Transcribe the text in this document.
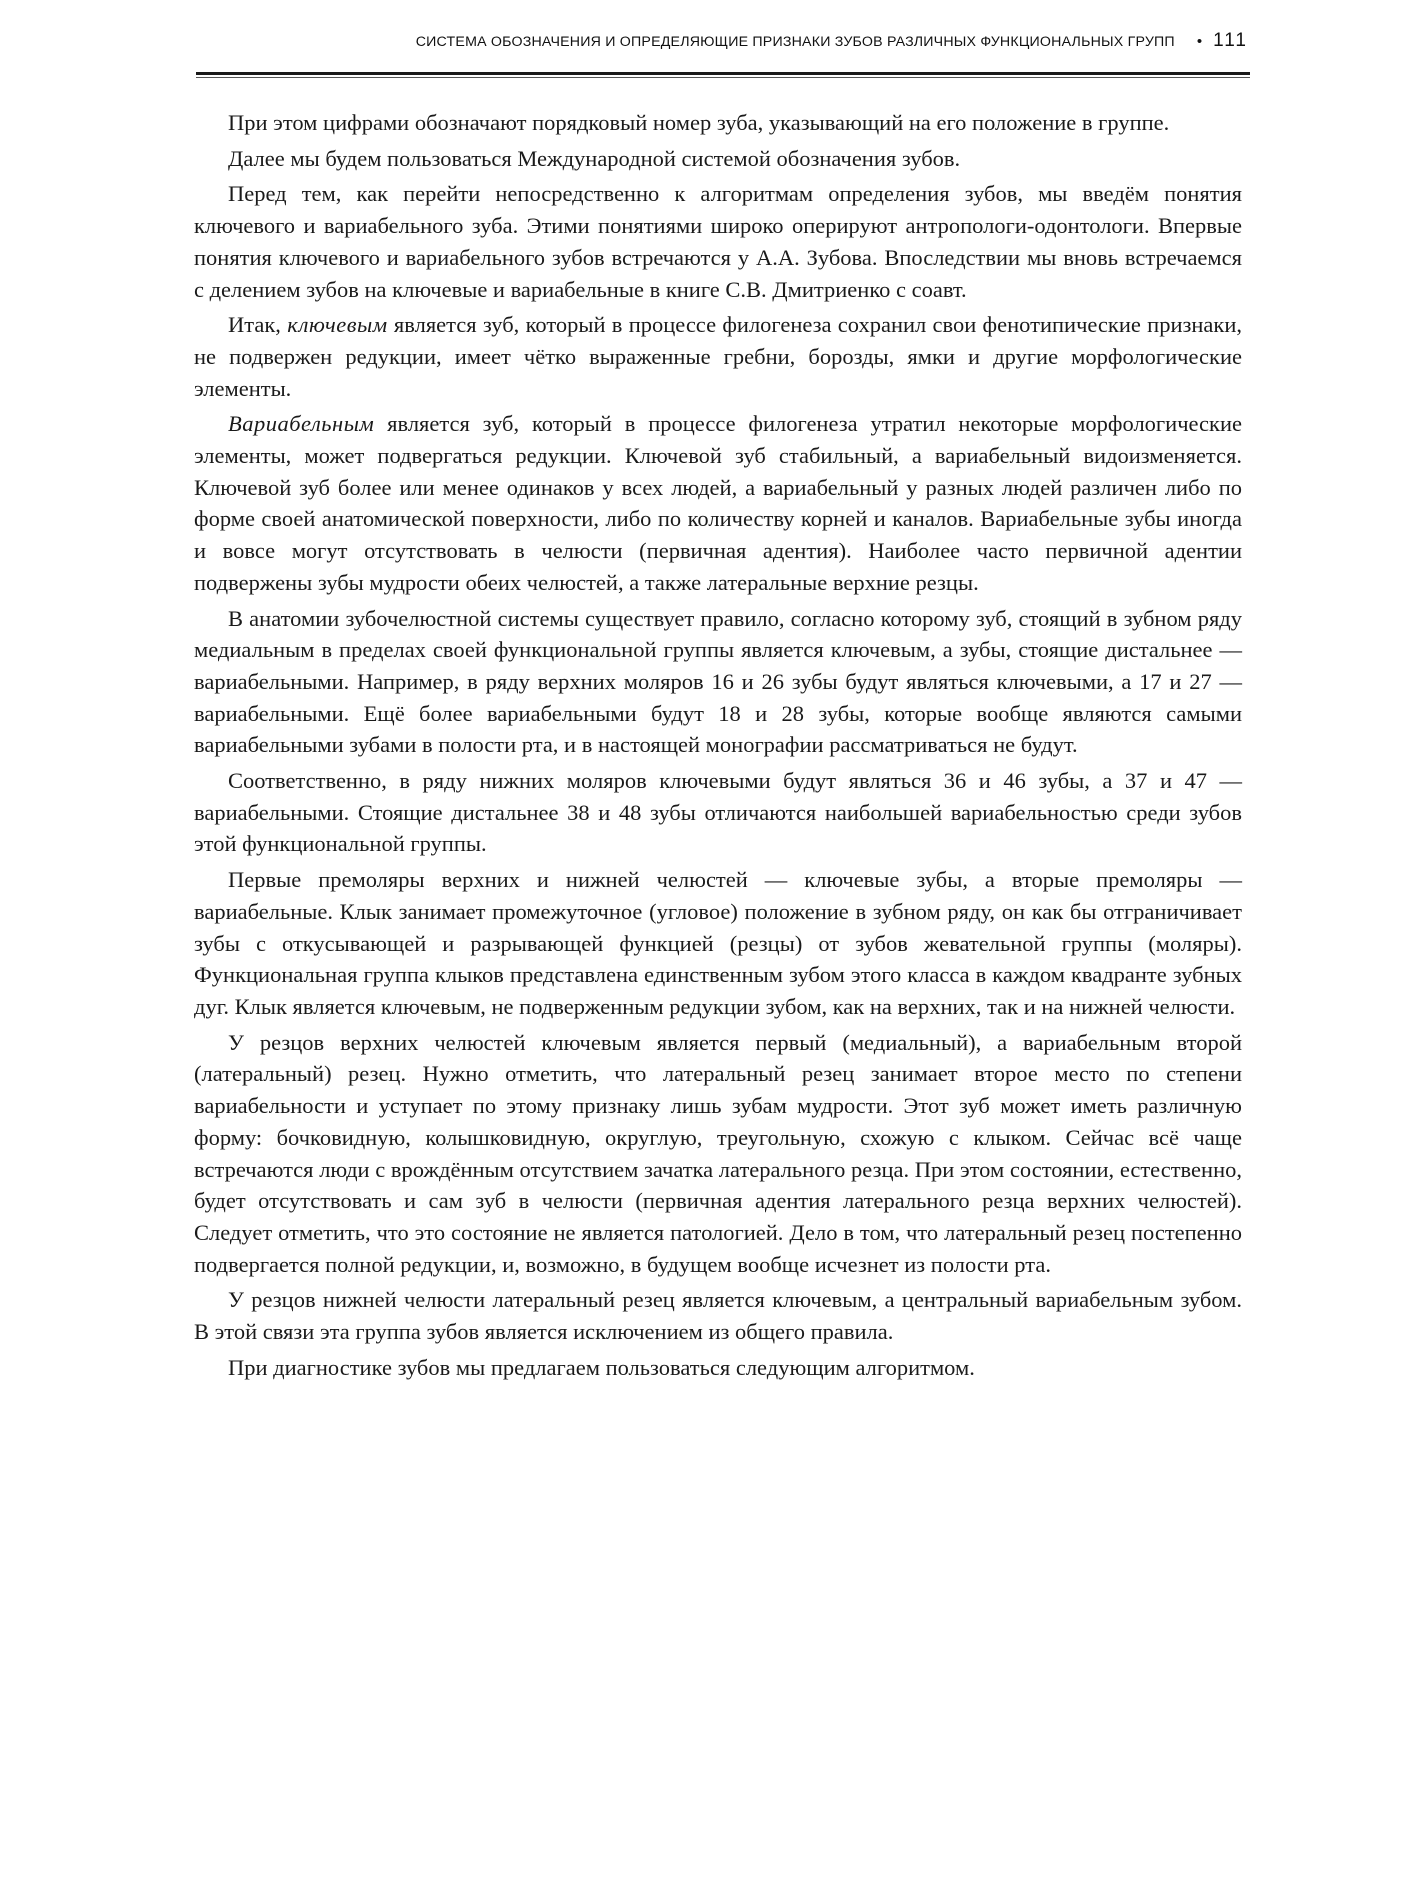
СИСТЕМА ОБОЗНАЧЕНИЯ И ОПРЕДЕЛЯЮЩИЕ ПРИЗНАКИ ЗУБОВ РАЗЛИЧНЫХ ФУНКЦИОНАЛЬНЫХ ГРУПП • 111

При этом цифрами обозначают порядковый номер зуба, указывающий на его положение в группе.

Далее мы будем пользоваться Международной системой обозначения зубов.

Перед тем, как перейти непосредственно к алгоритмам определения зубов, мы введём понятия ключевого и вариабельного зуба. Этими понятиями широко оперируют антропологи-одонтологи. Впервые понятия ключевого и вариабельного зубов встречаются у А.А. Зубова. Впоследствии мы вновь встречаемся с делением зубов на ключевые и вариабельные в книге С.В. Дмитриенко с соавт.

Итак, ключевым является зуб, который в процессе филогенеза сохранил свои фенотипические признаки, не подвержен редукции, имеет чётко выраженные гребни, борозды, ямки и другие морфологические элементы.

Вариабельным является зуб, который в процессе филогенеза утратил некоторые морфологические элементы, может подвергаться редукции. Ключевой зуб стабильный, а вариабельный видоизменяется. Ключевой зуб более или менее одинаков у всех людей, а вариабельный у разных людей различен либо по форме своей анатомической поверхности, либо по количеству корней и каналов. Вариабельные зубы иногда и вовсе могут отсутствовать в челюсти (первичная адентия). Наиболее часто первичной адентии подвержены зубы мудрости обеих челюстей, а также латеральные верхние резцы.

В анатомии зубочелюстной системы существует правило, согласно которому зуб, стоящий в зубном ряду медиальным в пределах своей функциональной группы является ключевым, а зубы, стоящие дистальнее — вариабельными. Например, в ряду верхних моляров 16 и 26 зубы будут являться ключевыми, а 17 и 27 — вариабельными. Ещё более вариабельными будут 18 и 28 зубы, которые вообще являются самыми вариабельными зубами в полости рта, и в настоящей монографии рассматриваться не будут.

Соответственно, в ряду нижних моляров ключевыми будут являться 36 и 46 зубы, а 37 и 47 — вариабельными. Стоящие дистальнее 38 и 48 зубы отличаются наибольшей вариабельностью среди зубов этой функциональной группы.

Первые премоляры верхних и нижней челюстей — ключевые зубы, а вторые премоляры — вариабельные. Клык занимает промежуточное (угловое) положение в зубном ряду, он как бы отграничивает зубы с откусывающей и разрывающей функцией (резцы) от зубов жевательной группы (моляры). Функциональная группа клыков представлена единственным зубом этого класса в каждом квадранте зубных дуг. Клык является ключевым, не подверженным редукции зубом, как на верхних, так и на нижней челюсти.

У резцов верхних челюстей ключевым является первый (медиальный), а вариабельным второй (латеральный) резец. Нужно отметить, что латеральный резец занимает второе место по степени вариабельности и уступает по этому признаку лишь зубам мудрости. Этот зуб может иметь различную форму: бочковидную, колышковидную, округлую, треугольную, схожую с клыком. Сейчас всё чаще встречаются люди с врождённым отсутствием зачатка латерального резца. При этом состоянии, естественно, будет отсутствовать и сам зуб в челюсти (первичная адентия латерального резца верхних челюстей). Следует отметить, что это состояние не является патологией. Дело в том, что латеральный резец постепенно подвергается полной редукции, и, возможно, в будущем вообще исчезнет из полости рта.

У резцов нижней челюсти латеральный резец является ключевым, а центральный вариабельным зубом. В этой связи эта группа зубов является исключением из общего правила.

При диагностике зубов мы предлагаем пользоваться следующим алгоритмом.
